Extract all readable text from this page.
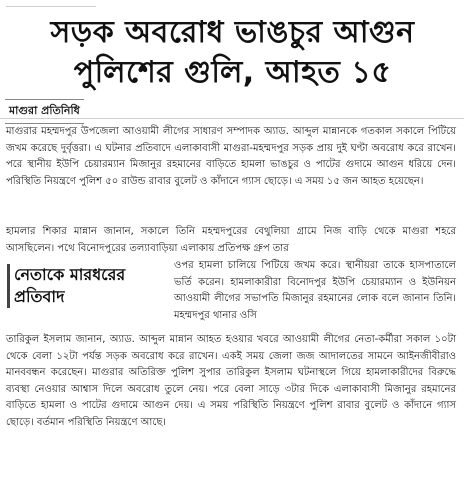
সড়ক অবরোধ ভাঙচুর আগুন
পুলিশের গুলি, আহত ১৫
মাগুরা প্রতিনিধি
মাগুরার মহম্মদপুর উপজেলা আওয়ামী লীগের সাধারণ সম্পাদক অ্যাড. আব্দুল মান্নানকে গতকাল সকালে পিটিয়ে জখম করেছে দুর্বৃত্তরা। এ ঘটনার প্রতিবাদে এলাকাবাসী মাগুরা-মহম্মদপুর সড়ক প্রায় দুই ঘণ্টা অবরোধ করে রাখেন। পরে স্থানীয় ইউপি চেয়ারম্যান মিজানুর রহমানের বাড়িতে হামলা ভাঙচুর ও পাটের গুদামে আগুন ধরিয়ে দেন। পরিস্থিতি নিয়ন্ত্রণে পুলিশ ৫০ রাউন্ড রাবার বুলেট ও কাঁদানে গ্যাস ছোড়ে। এ সময় ১৫ জন আহত হয়েছেন।
হামলার শিকার মান্নান জানান, সকালে তিনি মহম্মদপুরের বেথুলিয়া গ্রামে নিজ বাড়ি থেকে মাগুরা শহরে আসছিলেন। পথে বিনোদপুরের তল্যাবাড়িয়া এলাকায় প্রতিপক্ষ গ্রুপ তার
নেতাকে মারধরের প্রতিবাদ
ওপর হামলা চালিয়ে পিটিয়ে জখম করে। স্থানীয়রা তাকে হাসপাতালে ভর্তি করেন। হামলাকারীরা বিনোদপুর ইউপি চেয়ারম্যান ও ইউনিয়ন আওয়ামী লীগের সভাপতি মিজানুর রহমানের লোক বলে জানান তিনি। মহম্মদপুর থানার ওসি
তারিকুল ইসলাম জানান, অ্যাড. আব্দুল মান্নান আহত হওয়ার খবরে আওয়ামী লীগের নেতা-কর্মীরা সকাল ১০টা থেকে বেলা ১২টা পর্যন্ত সড়ক অবরোধ করে রাখেন। একই সময় জেলা জজ আদালতের সামনে আইনজীবীরাও মানববন্ধন করেছেন। মাগুরার অতিরিক্ত পুলিশ সুপার তারিকুল ইসলাম ঘটনাস্থলে গিয়ে হামলাকারীদের বিরুদ্ধে ব্যবস্থা নেওয়ার আশ্বাস দিলে অবরোধ তুলে নেয়। পরে বেলা সাড়ে ৩টার দিকে এলাকাবাসী মিজানুর রহমানের বাড়িতে হামলা ও পাটের গুদামে আগুন দেয়। এ সময় পরিস্থিতি নিয়ন্ত্রণে পুলিশ রাবার বুলেট ও কাঁদানে গ্যাস ছোড়ে। বর্তমান পরিস্থিতি নিয়ন্ত্রণে আছে।
